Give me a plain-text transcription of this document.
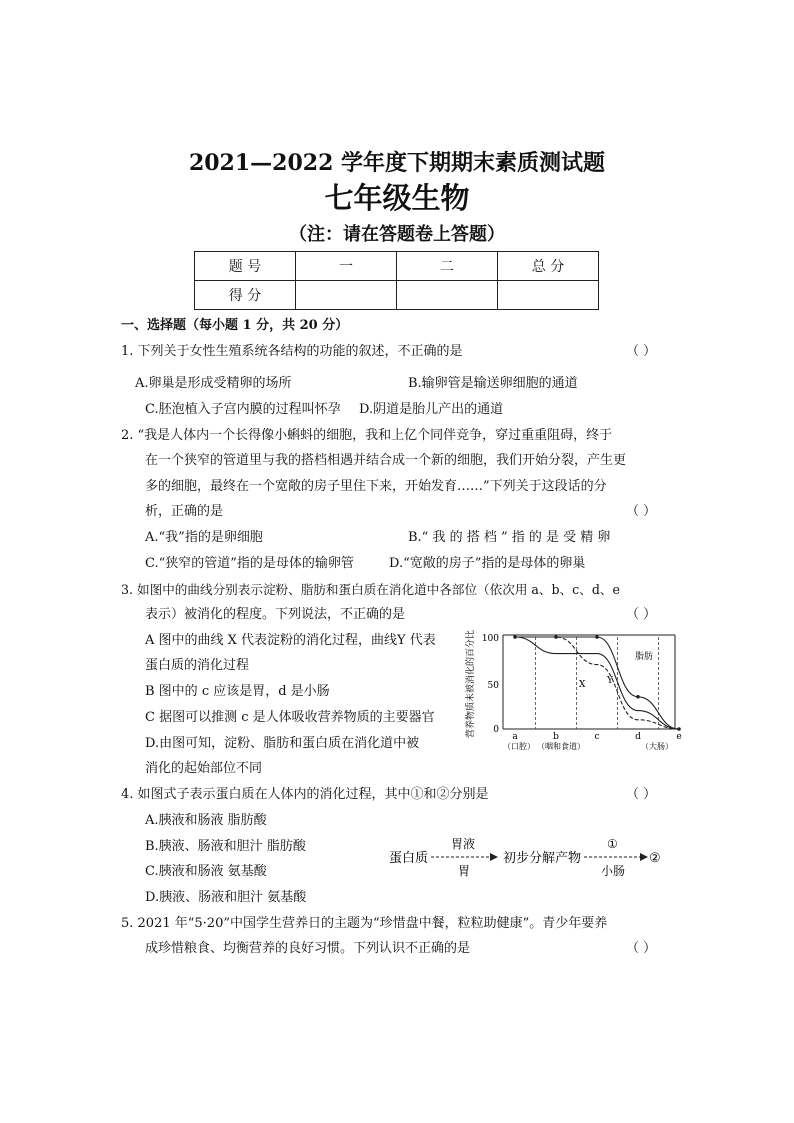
2021—2022 学年度下期期末素质测试题
七年级生物
（注：请在答题卷上答题）
题 号	一	二	总 分
得 分			
一、选择题（每小题 1 分，共 20 分）
1. 下列关于女性生殖系统各结构的功能的叙述，不正确的是	（ ）
A.卵巢是形成受精卵的场所	B.输卵管是输送卵细胞的通道
C.胚泡植入子宫内膜的过程叫怀孕 D.阴道是胎儿产出的通道
2. “我是人体内一个长得像小蝌蚪的细胞，我和上亿个同伴竞争，穿过重重阻碍，终于
在一个狭窄的管道里与我的搭档相遇并结合成一个新的细胞，我们开始分裂，产生更
多的细胞，最终在一个宽敞的房子里住下来，开始发育……”下列关于这段话的分
析，正确的是	（ ）
A.“我”指的是卵细胞	B.“ 我 的 搭 档 ” 指 的 是 受 精 卵
C.“狭窄的管道”指的是母体的输卵管	D.“宽敞的房子”指的是母体的卵巢
3. 如图中的曲线分别表示淀粉、脂肪和蛋白质在消化道中各部位（依次用 a、b、c、d、e
表示）被消化的程度。下列说法，不正确的是	（ ）
A 图中的曲线 X 代表淀粉的消化过程，曲线Y 代表
蛋白质的消化过程
B 图中的 c 应该是胃，d 是小肠
C 据图可以推测 c 是人体吸收营养物质的主要器官
D.由图可知，淀粉、脂肪和蛋白质在消化道中被
消化的起始部位不同
营养物质未被消化的百分比 100
50
0
（口腔） （咽和食道）	（大肠）
a	b	c	d	e
X Y
脂肪
4. 如图式子表示蛋白质在人体内的消化过程，其中①和②分别是	（ ）
A.胰液和肠液 脂肪酸
B.胰液、肠液和胆汁 脂肪酸
C.胰液和肠液 氨基酸
D.胰液、肠液和胆汁 氨基酸
蛋白质
胃液
胃
初步分解产物
①
小肠
②
5. 2021 年“5·20”中国学生营养日的主题为“珍惜盘中餐，粒粒助健康”。青少年要养
成珍惜粮食、均衡营养的良好习惯。下列认识不正确的是	（ ）
